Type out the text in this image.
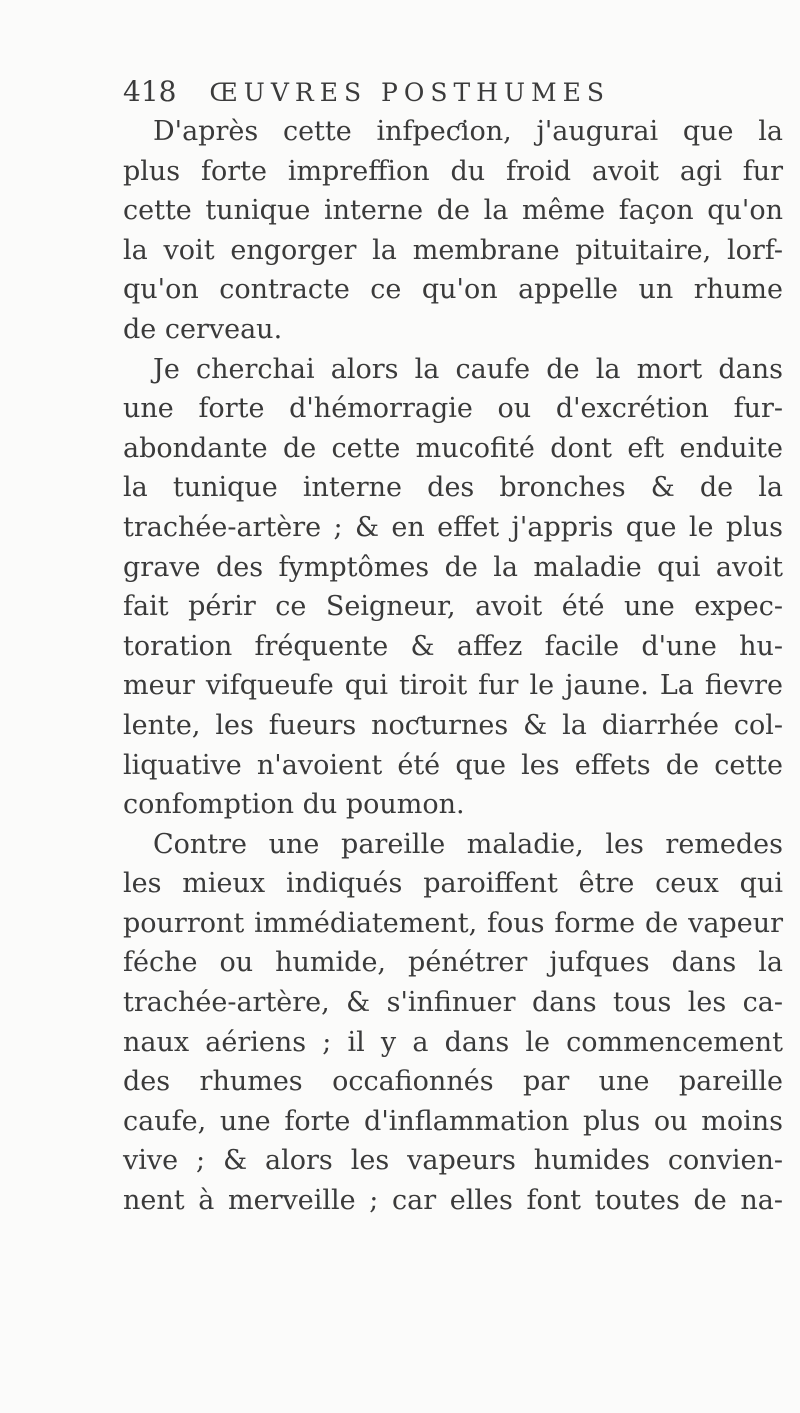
418 ŒUVRES POSTHUMES
D'après cette infpeƈion, j'augurai que la
plus forte impreffion du froid avoit agi fur
cette tunique interne de la même façon qu'on
la voit engorger la membrane pituitaire, lorf-
qu'on contracte ce qu'on appelle un rhume
de cerveau.
Je cherchai alors la caufe de la mort dans
une forte d'hémorragie ou d'excrétion fur-
abondante de cette mucofité dont eft enduite
la tunique interne des bronches & de la
trachée-artère ; & en effet j'appris que le plus
grave des fymptômes de la maladie qui avoit
fait périr ce Seigneur, avoit été une expec-
toration fréquente & affez facile d'une hu-
meur vifqueufe qui tiroit fur le jaune. La fievre
lente, les fueurs noƈturnes & la diarrhée col-
liquative n'avoient été que les effets de cette
confomption du poumon.
Contre une pareille maladie, les remedes
les mieux indiqués paroiffent être ceux qui
pourront immédiatement, fous forme de vapeur
féche ou humide, pénétrer jufques dans la
trachée-artère, & s'infinuer dans tous les ca-
naux aériens ; il y a dans le commencement
des rhumes occafionnés par une pareille
caufe, une forte d'inflammation plus ou moins
vive ; & alors les vapeurs humides convien-
nent à merveille ; car elles font toutes de na-
